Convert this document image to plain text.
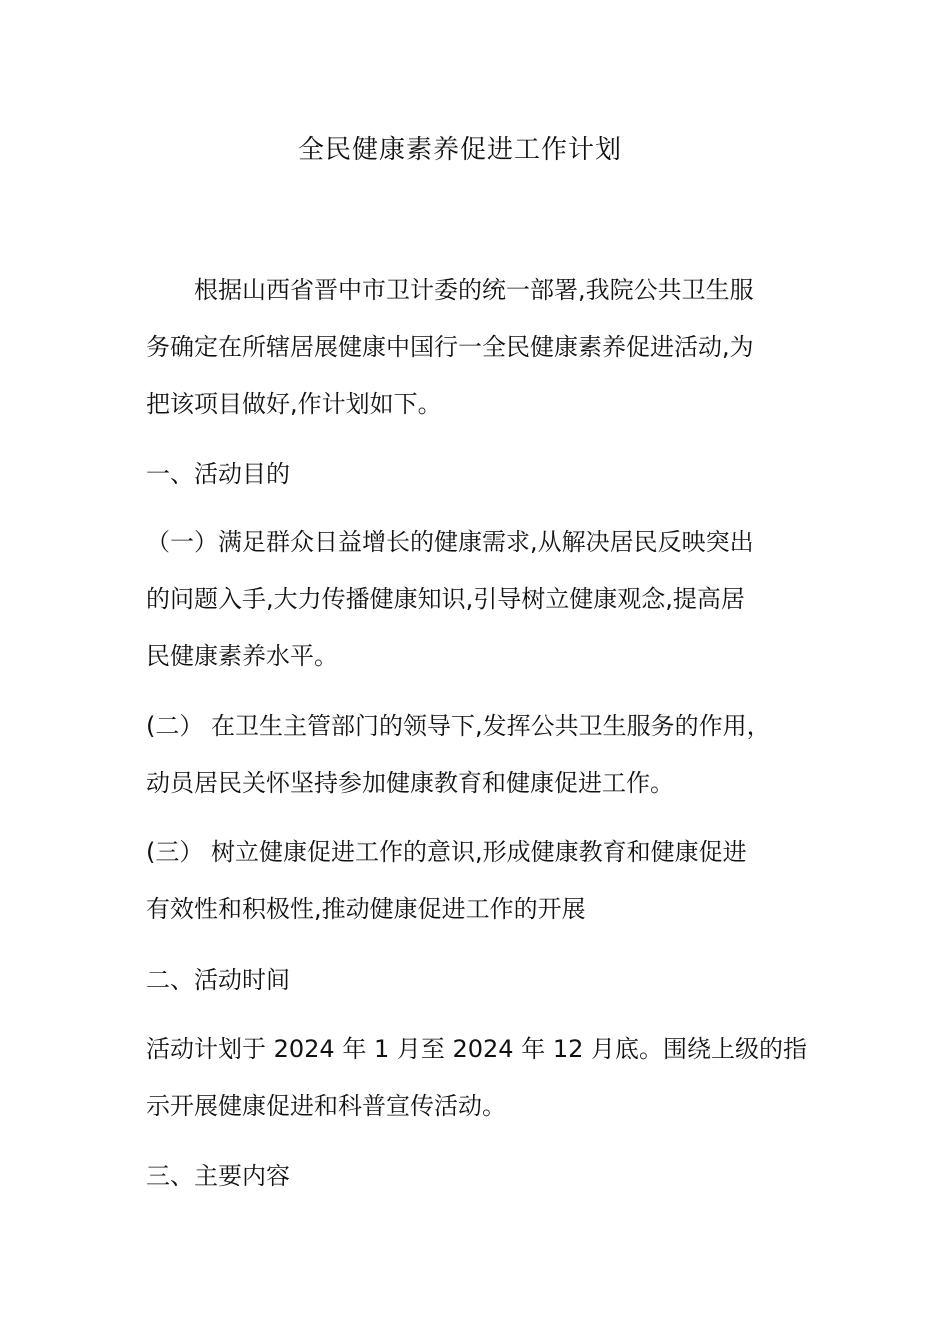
全民健康素养促进工作计划
根据山西省晋中市卫计委的统一部署,我院公共卫生服
务确定在所辖居展健康中国行一全民健康素养促进活动,为
把该项目做好,作计划如下。
一、活动目的
（一）满足群众日益增长的健康需求,从解决居民反映突出
的问题入手,大力传播健康知识,引导树立健康观念,提高居
民健康素养水平。
(二） 在卫生主管部门的领导下,发挥公共卫生服务的作用，
动员居民关怀坚持参加健康教育和健康促进工作。
(三） 树立健康促进工作的意识,形成健康教育和健康促进
有效性和积极性,推动健康促进工作的开展
二、活动时间
活动计划于 2024 年 1 月至 2024 年 12 月底。围绕上级的指
示开展健康促进和科普宣传活动。
三、主要内容
